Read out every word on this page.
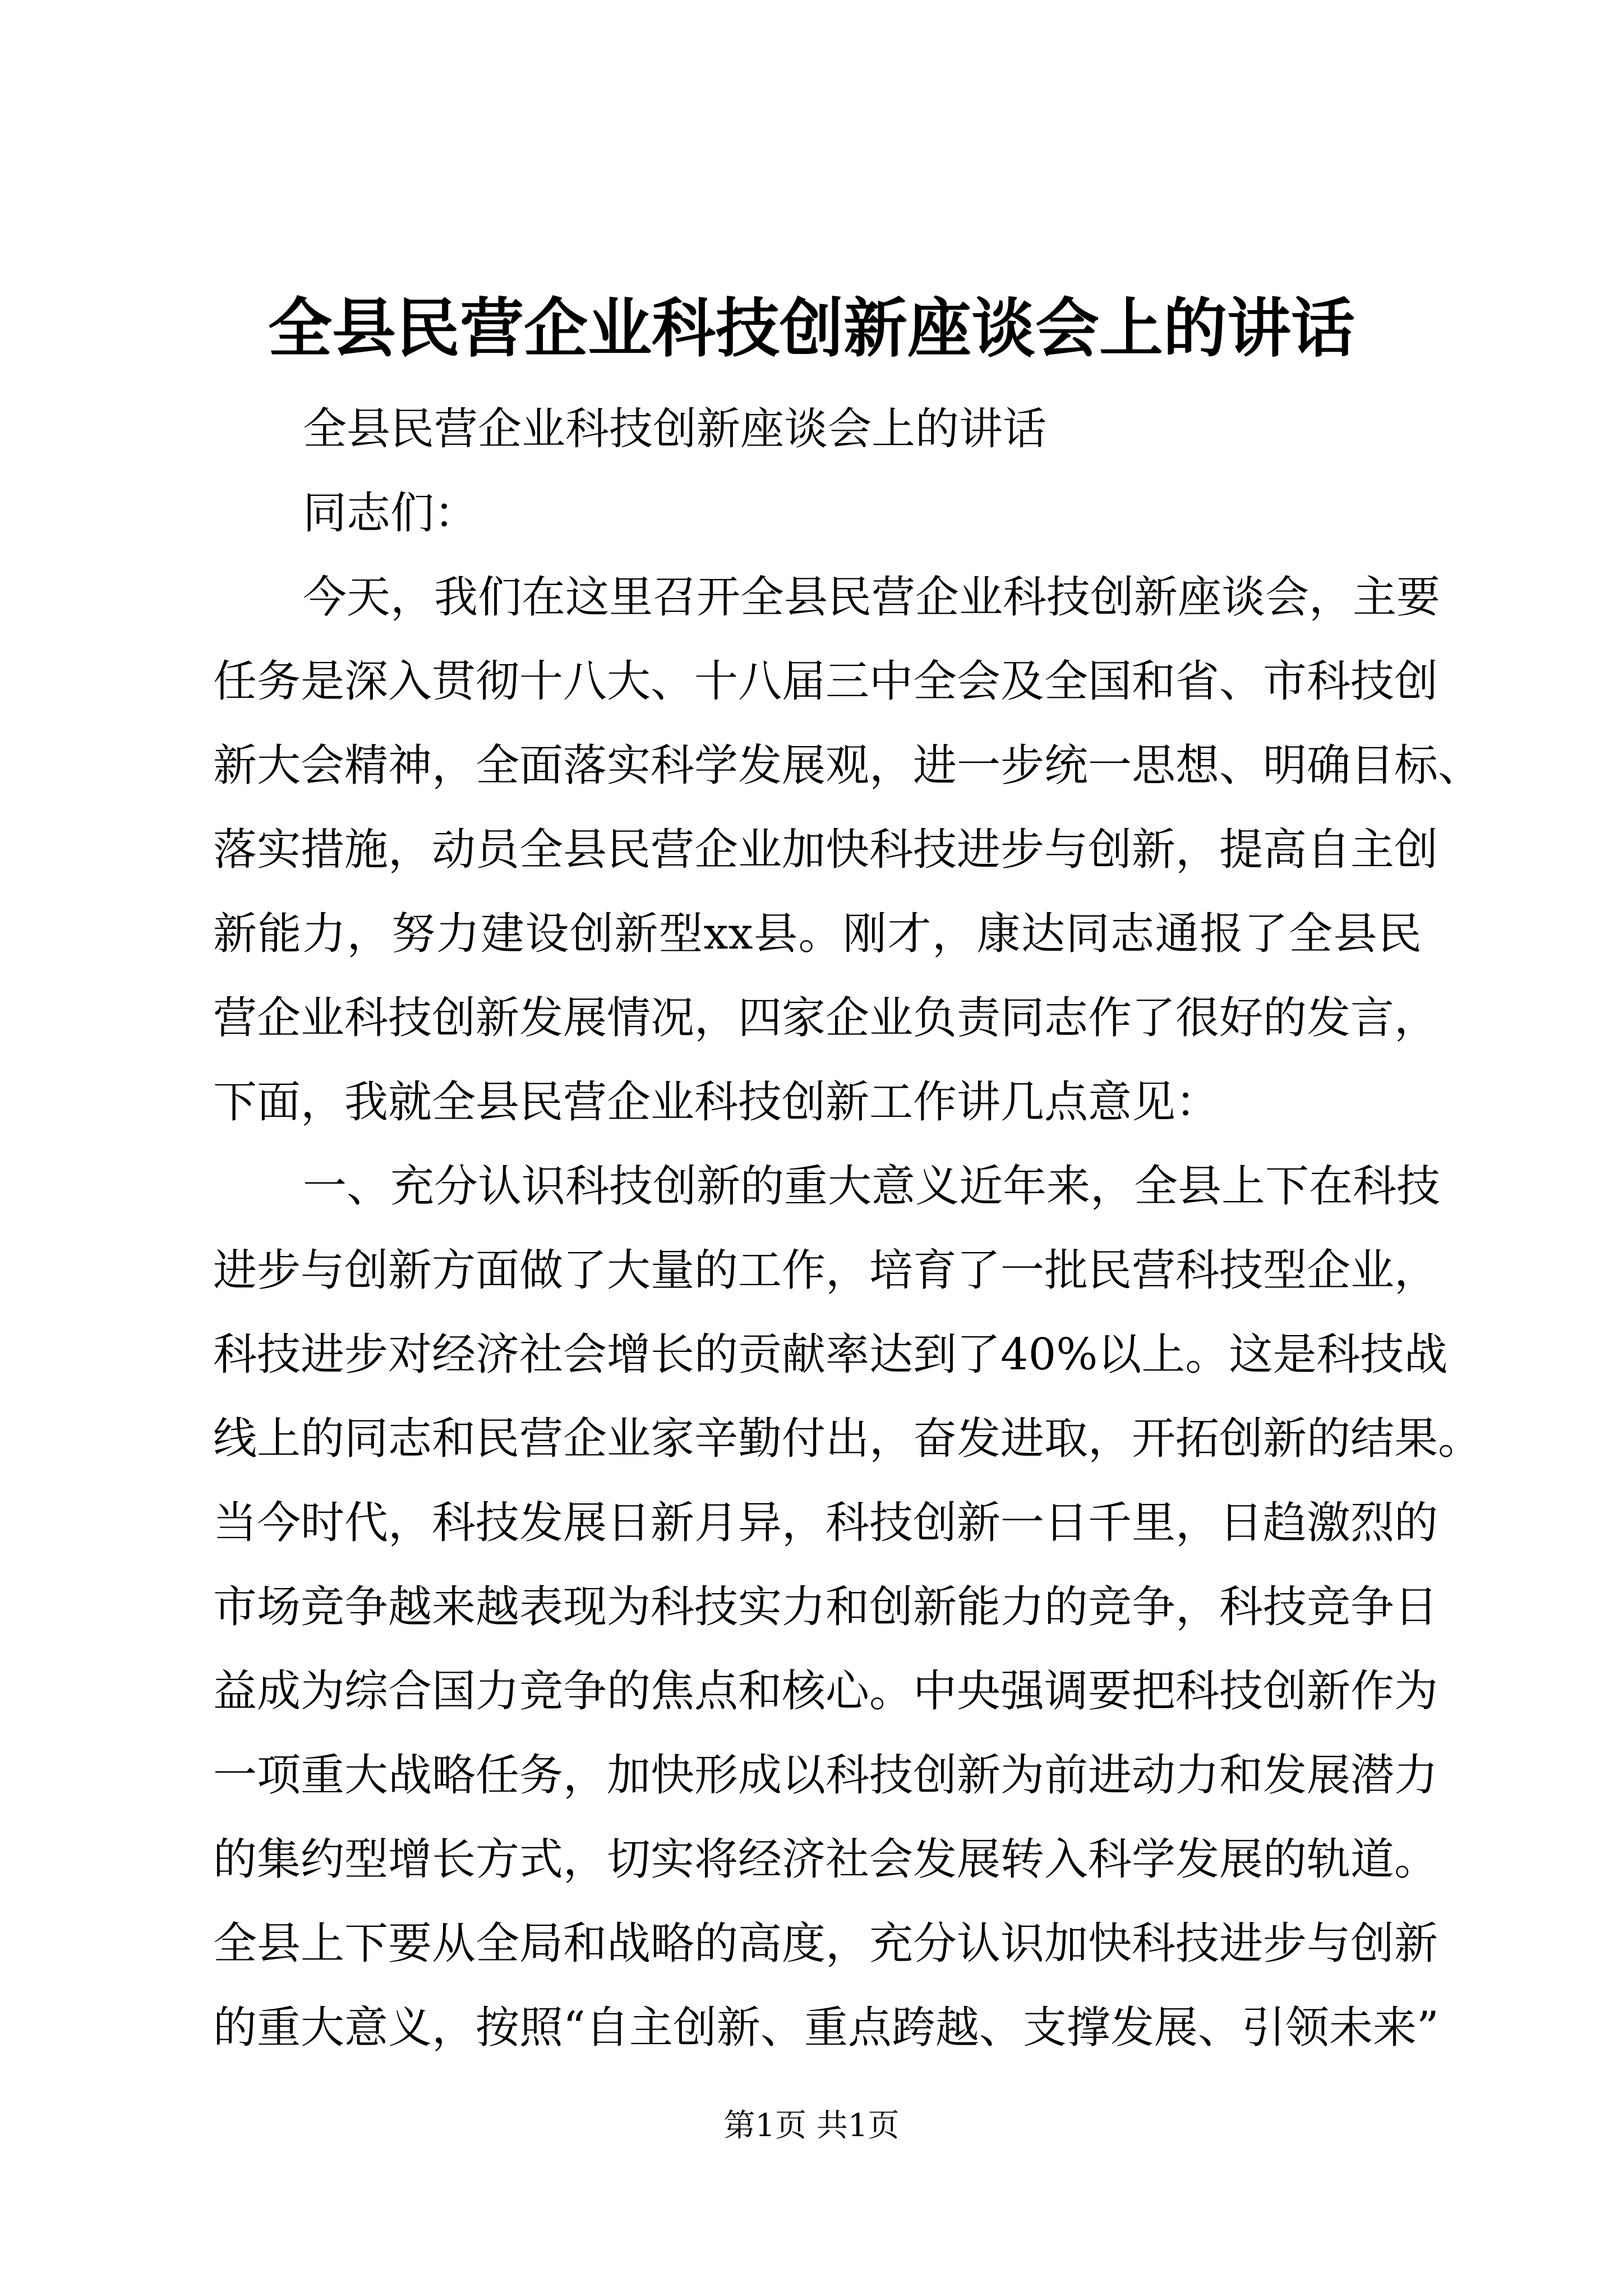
全县民营企业科技创新座谈会上的讲话
全县民营企业科技创新座谈会上的讲话
同志们：
今天，我们在这里召开全县民营企业科技创新座谈会，主要
任务是深入贯彻十八大、十八届三中全会及全国和省、市科技创
新大会精神，全面落实科学发展观，进一步统一思想、明确目标、
落实措施，动员全县民营企业加快科技进步与创新，提高自主创
新能力，努力建设创新型xx县。刚才，康达同志通报了全县民
营企业科技创新发展情况，四家企业负责同志作了很好的发言，
下面，我就全县民营企业科技创新工作讲几点意见：
一、充分认识科技创新的重大意义近年来，全县上下在科技
进步与创新方面做了大量的工作，培育了一批民营科技型企业，
科技进步对经济社会增长的贡献率达到了40%以上。这是科技战
线上的同志和民营企业家辛勤付出，奋发进取，开拓创新的结果。
当今时代，科技发展日新月异，科技创新一日千里，日趋激烈的
市场竞争越来越表现为科技实力和创新能力的竞争，科技竞争日
益成为综合国力竞争的焦点和核心。中央强调要把科技创新作为
一项重大战略任务，加快形成以科技创新为前进动力和发展潜力
的集约型增长方式，切实将经济社会发展转入科学发展的轨道。
全县上下要从全局和战略的高度，充分认识加快科技进步与创新
的重大意义，按照“自主创新、重点跨越、支撑发展、引领未来”
第1页 共1页
